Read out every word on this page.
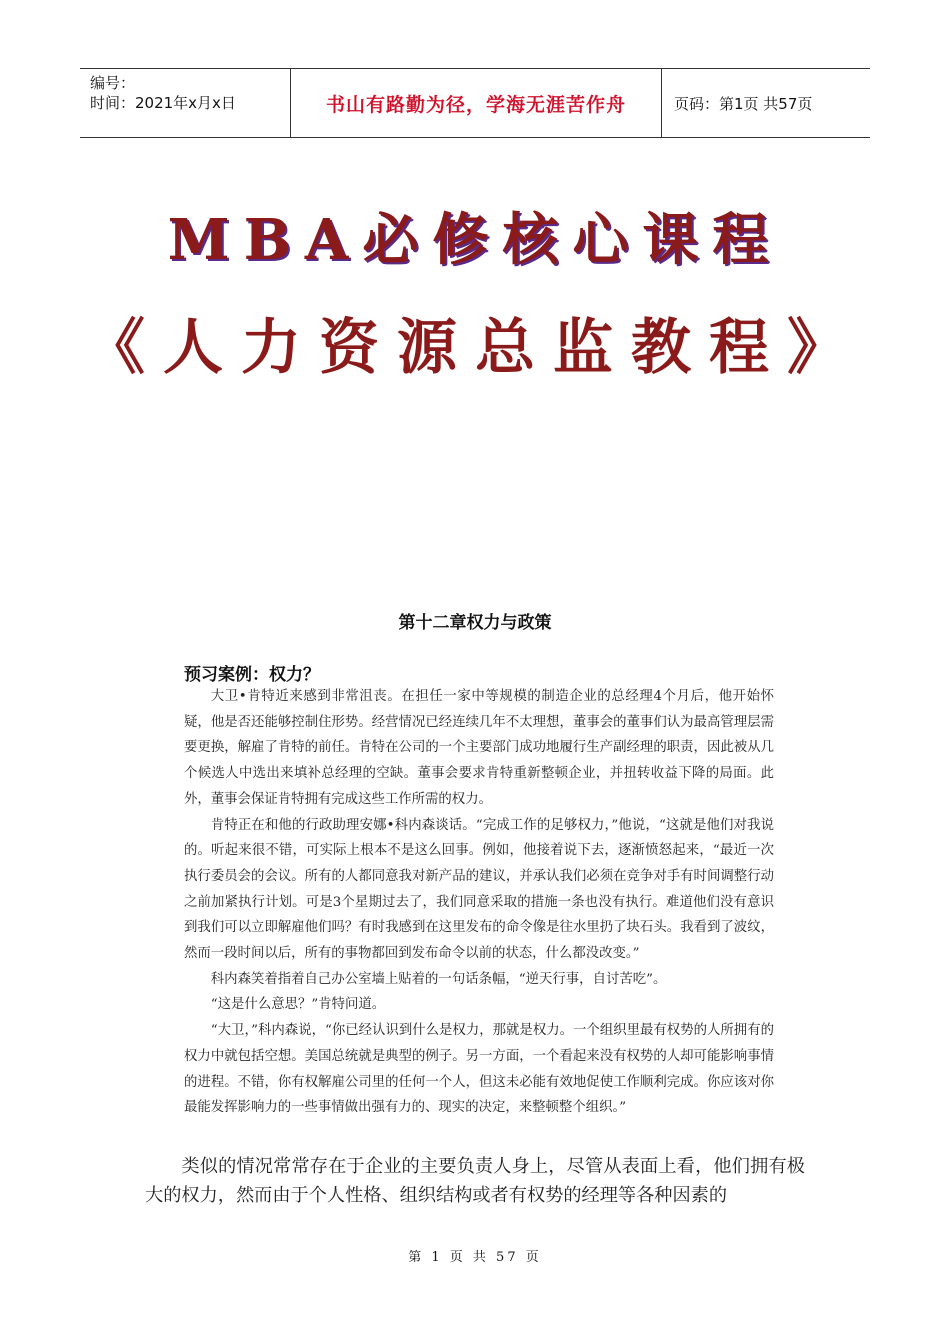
编号：
时间：2021年x月x日	书山有路勤为径，学海无涯苦作舟	页码：第1页 共57页
MBA必修核心课程
《人力资源总监教程》
第十二章权力与政策
预习案例：权力？

大卫•肯特近来感到非常沮丧。在担任一家中等规模的制造企业的总经理4个月后，他开始怀疑，他是否还能够控制住形势。经营情况已经连续几年不太理想，董事会的董事们认为最高管理层需要更换，解雇了肯特的前任。肯特在公司的一个主要部门成功地履行生产副经理的职责，因此被从几个候选人中选出来填补总经理的空缺。董事会要求肯特重新整顿企业，并扭转收益下降的局面。此外，董事会保证肯特拥有完成这些工作所需的权力。

肯特正在和他的行政助理安娜•科内森谈话。“完成工作的足够权力，”他说，“这就是他们对我说的。听起来很不错，可实际上根本不是这么回事。例如，他接着说下去，逐渐愤怒起来，“最近一次执行委员会的会议。所有的人都同意我对新产品的建议，并承认我们必须在竞争对手有时间调整行动之前加紧执行计划。可是3个星期过去了，我们同意采取的措施一条也没有执行。难道他们没有意识到我们可以立即解雇他们吗？有时我感到在这里发布的命令像是往水里扔了块石头。我看到了波纹，然而一段时间以后，所有的事物都回到发布命令以前的状态，什么都没改变。”

科内森笑着指着自己办公室墙上贴着的一句话条幅，“逆天行事，自讨苦吃”。

“这是什么意思？”肯特问道。

“大卫，”科内森说，“你已经认识到什么是权力，那就是权力。一个组织里最有权势的人所拥有的权力中就包括空想。美国总统就是典型的例子。另一方面，一个看起来没有权势的人却可能影响事情的进程。不错，你有权解雇公司里的任何一个人，但这未必能有效地促使工作顺利完成。你应该对你最能发挥影响力的一些事情做出强有力的、现实的决定，来整顿整个组织。”

类似的情况常常存在于企业的主要负责人身上，尽管从表面上看，他们拥有极大的权力，然而由于个人性格、组织结构或者有权势的经理等各种因素的

第 1 页 共 57 页
